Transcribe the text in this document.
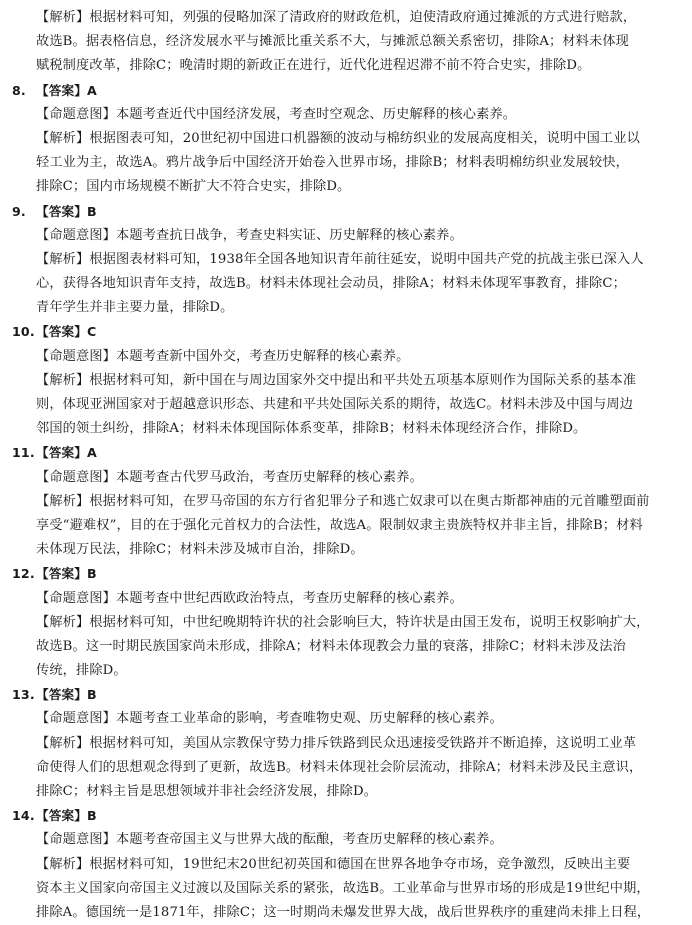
【解析】根据材料可知，列强的侵略加深了清政府的财政危机，迫使清政府通过摊派的方式进行赔款，
故选B。据表格信息，经济发展水平与摊派比重关系不大，与摊派总额关系密切，排除A；材料未体现
赋税制度改革，排除C；晚清时期的新政正在进行，近代化进程迟滞不前不符合史实，排除D。
8. 【答案】A
【命题意图】本题考查近代中国经济发展，考查时空观念、历史解释的核心素养。
【解析】根据图表可知，20世纪初中国进口机器额的波动与棉纺织业的发展高度相关，说明中国工业以
轻工业为主，故选A。鸦片战争后中国经济开始卷入世界市场，排除B；材料表明棉纺织业发展较快，
排除C；国内市场规模不断扩大不符合史实，排除D。
9. 【答案】B
【命题意图】本题考查抗日战争，考查史料实证、历史解释的核心素养。
【解析】根据图表材料可知，1938年全国各地知识青年前往延安，说明中国共产党的抗战主张已深入人
心，获得各地知识青年支持，故选B。材料未体现社会动员，排除A；材料未体现军事教育，排除C；
青年学生并非主要力量，排除D。
10. 【答案】C
【命题意图】本题考查新中国外交，考查历史解释的核心素养。
【解析】根据材料可知，新中国在与周边国家外交中提出和平共处五项基本原则作为国际关系的基本准
则，体现亚洲国家对于超越意识形态、共建和平共处国际关系的期待，故选C。材料未涉及中国与周边
邻国的领土纠纷，排除A；材料未体现国际体系变革，排除B；材料未体现经济合作，排除D。
11. 【答案】A
【命题意图】本题考查古代罗马政治，考查历史解释的核心素养。
【解析】根据材料可知，在罗马帝国的东方行省犯罪分子和逃亡奴隶可以在奥古斯都神庙的元首雕塑面前
享受“避难权”，目的在于强化元首权力的合法性，故选A。限制奴隶主贵族特权并非主旨，排除B；材料
未体现万民法，排除C；材料未涉及城市自治，排除D。
12. 【答案】B
【命题意图】本题考查中世纪西欧政治特点，考查历史解释的核心素养。
【解析】根据材料可知，中世纪晚期特许状的社会影响巨大，特许状是由国王发布，说明王权影响扩大，
故选B。这一时期民族国家尚未形成，排除A；材料未体现教会力量的衰落，排除C；材料未涉及法治
传统，排除D。
13. 【答案】B
【命题意图】本题考查工业革命的影响，考查唯物史观、历史解释的核心素养。
【解析】根据材料可知，美国从宗教保守势力排斥铁路到民众迅速接受铁路并不断追捧，这说明工业革
命使得人们的思想观念得到了更新，故选B。材料未体现社会阶层流动，排除A；材料未涉及民主意识，
排除C；材料主旨是思想领域并非社会经济发展，排除D。
14. 【答案】B
【命题意图】本题考查帝国主义与世界大战的酝酿，考查历史解释的核心素养。
【解析】根据材料可知，19世纪末20世纪初英国和德国在世界各地争夺市场，竞争激烈，反映出主要
资本主义国家向帝国主义过渡以及国际关系的紧张，故选B。工业革命与世界市场的形成是19世纪中期，
排除A。德国统一是1871年，排除C；这一时期尚未爆发世界大战，战后世界秩序的重建尚未排上日程，
